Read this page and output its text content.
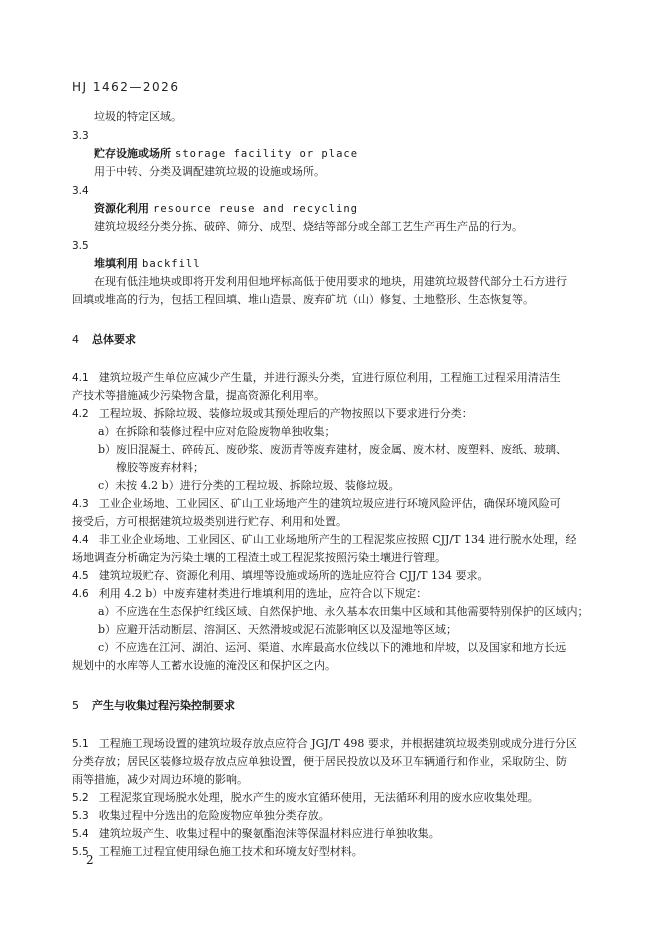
HJ 1462—2026

垃圾的特定区域。

3.3

贮存设施或场所 storage facility or place

用于中转、分类及调配建筑垃圾的设施或场所。

3.4

资源化利用 resource reuse and recycling

建筑垃圾经分类分拣、破碎、筛分、成型、烧结等部分或全部工艺生产再生产品的行为。

3.5

堆填利用 backfill

在现有低洼地块或即将开发利用但地坪标高低于使用要求的地块，用建筑垃圾替代部分土石方进行

回填或堆高的行为，包括工程回填、堆山造景、废弃矿坑（山）修复、土地整形、生态恢复等。

4 总体要求

4.1 建筑垃圾产生单位应减少产生量，并进行源头分类，宜进行原位利用，工程施工过程采用清洁生

产技术等措施减少污染物含量，提高资源化利用率。

4.2 工程垃圾、拆除垃圾、装修垃圾或其预处理后的产物按照以下要求进行分类：

a）在拆除和装修过程中应对危险废物单独收集；

b）废旧混凝土、碎砖瓦、废砂浆、废沥青等废弃建材，废金属、废木材、废塑料、废纸、玻璃、

橡胶等废弃材料；

c）未按 4.2 b）进行分类的工程垃圾、拆除垃圾、装修垃圾。

4.3 工业企业场地、工业园区、矿山工业场地产生的建筑垃圾应进行环境风险评估，确保环境风险可

接受后，方可根据建筑垃圾类别进行贮存、利用和处置。

4.4 非工业企业场地、工业园区、矿山工业场地所产生的工程泥浆应按照 CJJ/T 134 进行脱水处理，经

场地调查分析确定为污染土壤的工程渣土或工程泥浆按照污染土壤进行管理。

4.5 建筑垃圾贮存、资源化利用、填埋等设施或场所的选址应符合 CJJ/T 134 要求。

4.6 利用 4.2 b）中废弃建材类进行堆填利用的选址，应符合以下规定：

a）不应选在生态保护红线区域、自然保护地、永久基本农田集中区域和其他需要特别保护的区域内；

b）应避开活动断层、溶洞区、天然滑坡或泥石流影响区以及湿地等区域；

c）不应选在江河、湖泊、运河、渠道、水库最高水位线以下的滩地和岸坡，以及国家和地方长远

规划中的水库等人工蓄水设施的淹没区和保护区之内。

5 产生与收集过程污染控制要求

5.1 工程施工现场设置的建筑垃圾存放点应符合 JGJ/T 498 要求，并根据建筑垃圾类别或成分进行分区

分类存放；居民区装修垃圾存放点应单独设置，便于居民投放以及环卫车辆通行和作业，采取防尘、防

雨等措施，减少对周边环境的影响。

5.2 工程泥浆宜现场脱水处理，脱水产生的废水宜循环使用，无法循环利用的废水应收集处理。

5.3 收集过程中分选出的危险废物应单独分类存放。

5.4 建筑垃圾产生、收集过程中的聚氨酯泡沫等保温材料应进行单独收集。

5.5 工程施工过程宜使用绿色施工技术和环境友好型材料。

2
